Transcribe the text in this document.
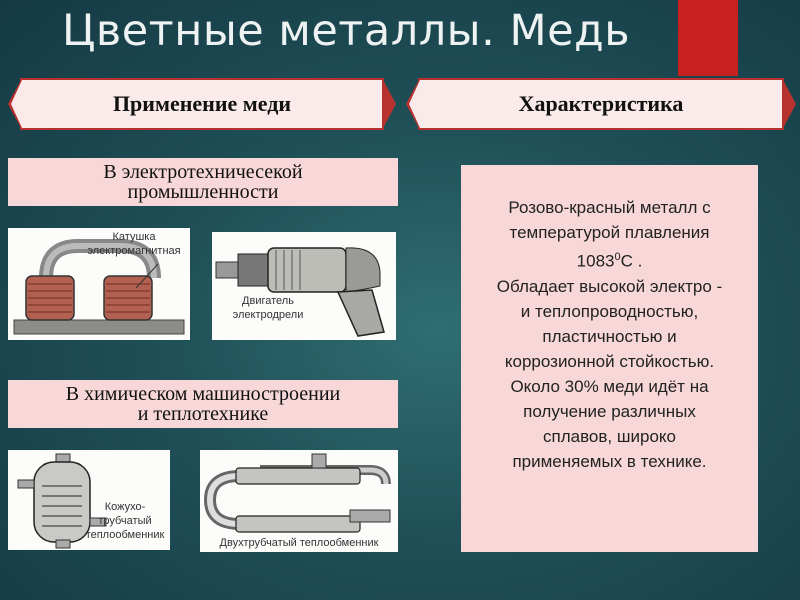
Цветные металлы. Медь
Применение меди	Характеристика
В электротехничесекой
промышленности
Катушка
электромагнитная
Двигатель
электродрели
В химическом машиностроении
и теплотехнике
Кожухо-
трубчатый
теплообменник
Двухтрубчатый теплообменник
Розово-красный металл с
температурой плавления
1083$^0$С .
Обладает высокой электро -
и теплопроводностью,
пластичностью и
коррозионной стойкостью.
Около 30% меди идёт на
получение различных
сплавов, широко
применяемых в технике.
